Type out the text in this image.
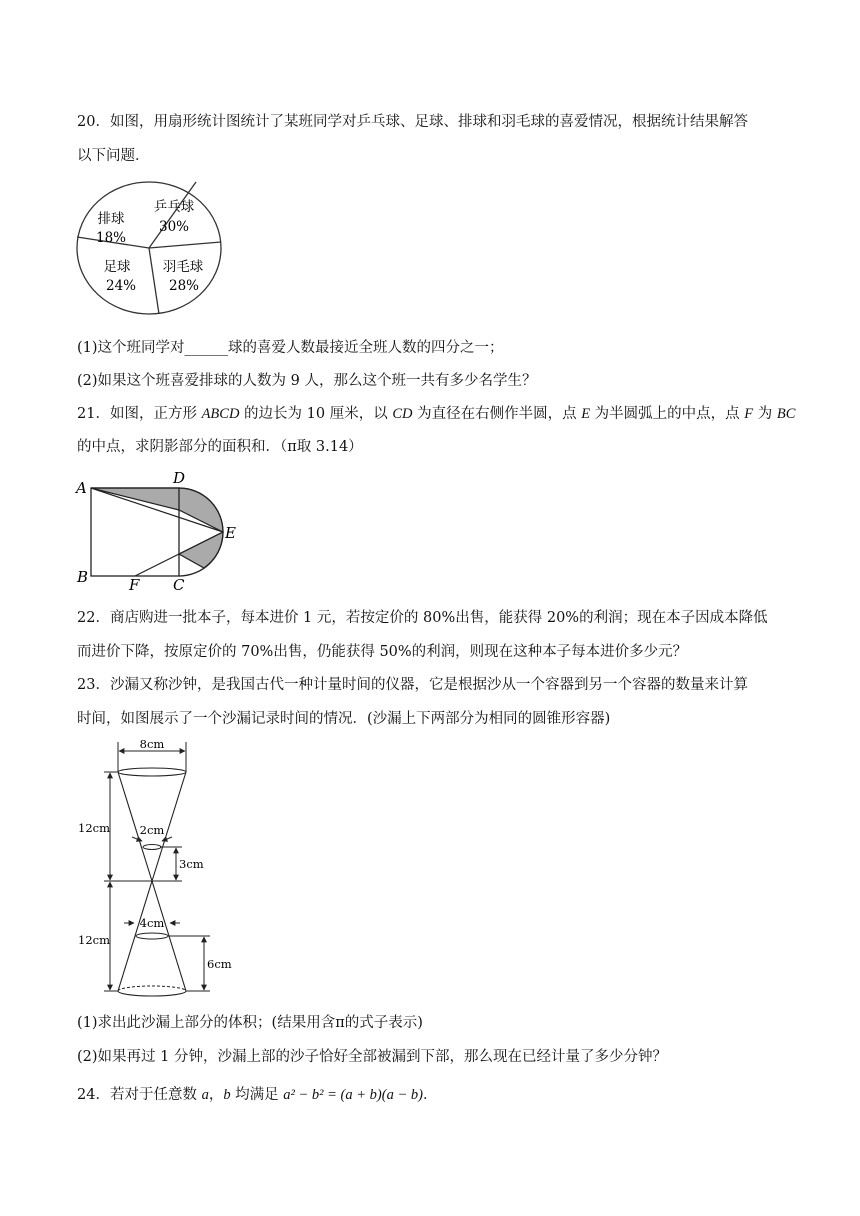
20．如图，用扇形统计图统计了某班同学对乒乓球、足球、排球和羽毛球的喜爱情况，根据统计结果解答
以下问题．
排球
18%
乒乓球
30%
足球
24%
羽毛球
28%
(1)这个班同学对______球的喜爱人数最接近全班人数的四分之一；
(2)如果这个班喜爱排球的人数为 9 人，那么这个班一共有多少名学生？
21．如图，正方形 ABCD 的边长为 10 厘米，以 CD 为直径在右侧作半圆，点 E 为半圆弧上的中点，点 F 为 BC
的中点，求阴影部分的面积和．（π取 3.14）
A
D
E
B	F C
22．商店购进一批本子，每本进价 1 元，若按定价的 80%出售，能获得 20%的利润；现在本子因成本降低
而进价下降，按原定价的 70%出售，仍能获得 50%的利润，则现在这种本子每本进价多少元？
23．沙漏又称沙钟，是我国古代一种计量时间的仪器，它是根据沙从一个容器到另一个容器的数量来计算
时间，如图展示了一个沙漏记录时间的情况．(沙漏上下两部分为相同的圆锥形容器)
8cm
2cm
3cm
4cm
6cm
12cm
12cm
(1)求出此沙漏上部分的体积；(结果用含π的式子表示)
(2)如果再过 1 分钟，沙漏上部的沙子恰好全部被漏到下部，那么现在已经计量了多少分钟？
24．若对于任意数 a，b 均满足 a² − b² = (a + b)(a − b)．
